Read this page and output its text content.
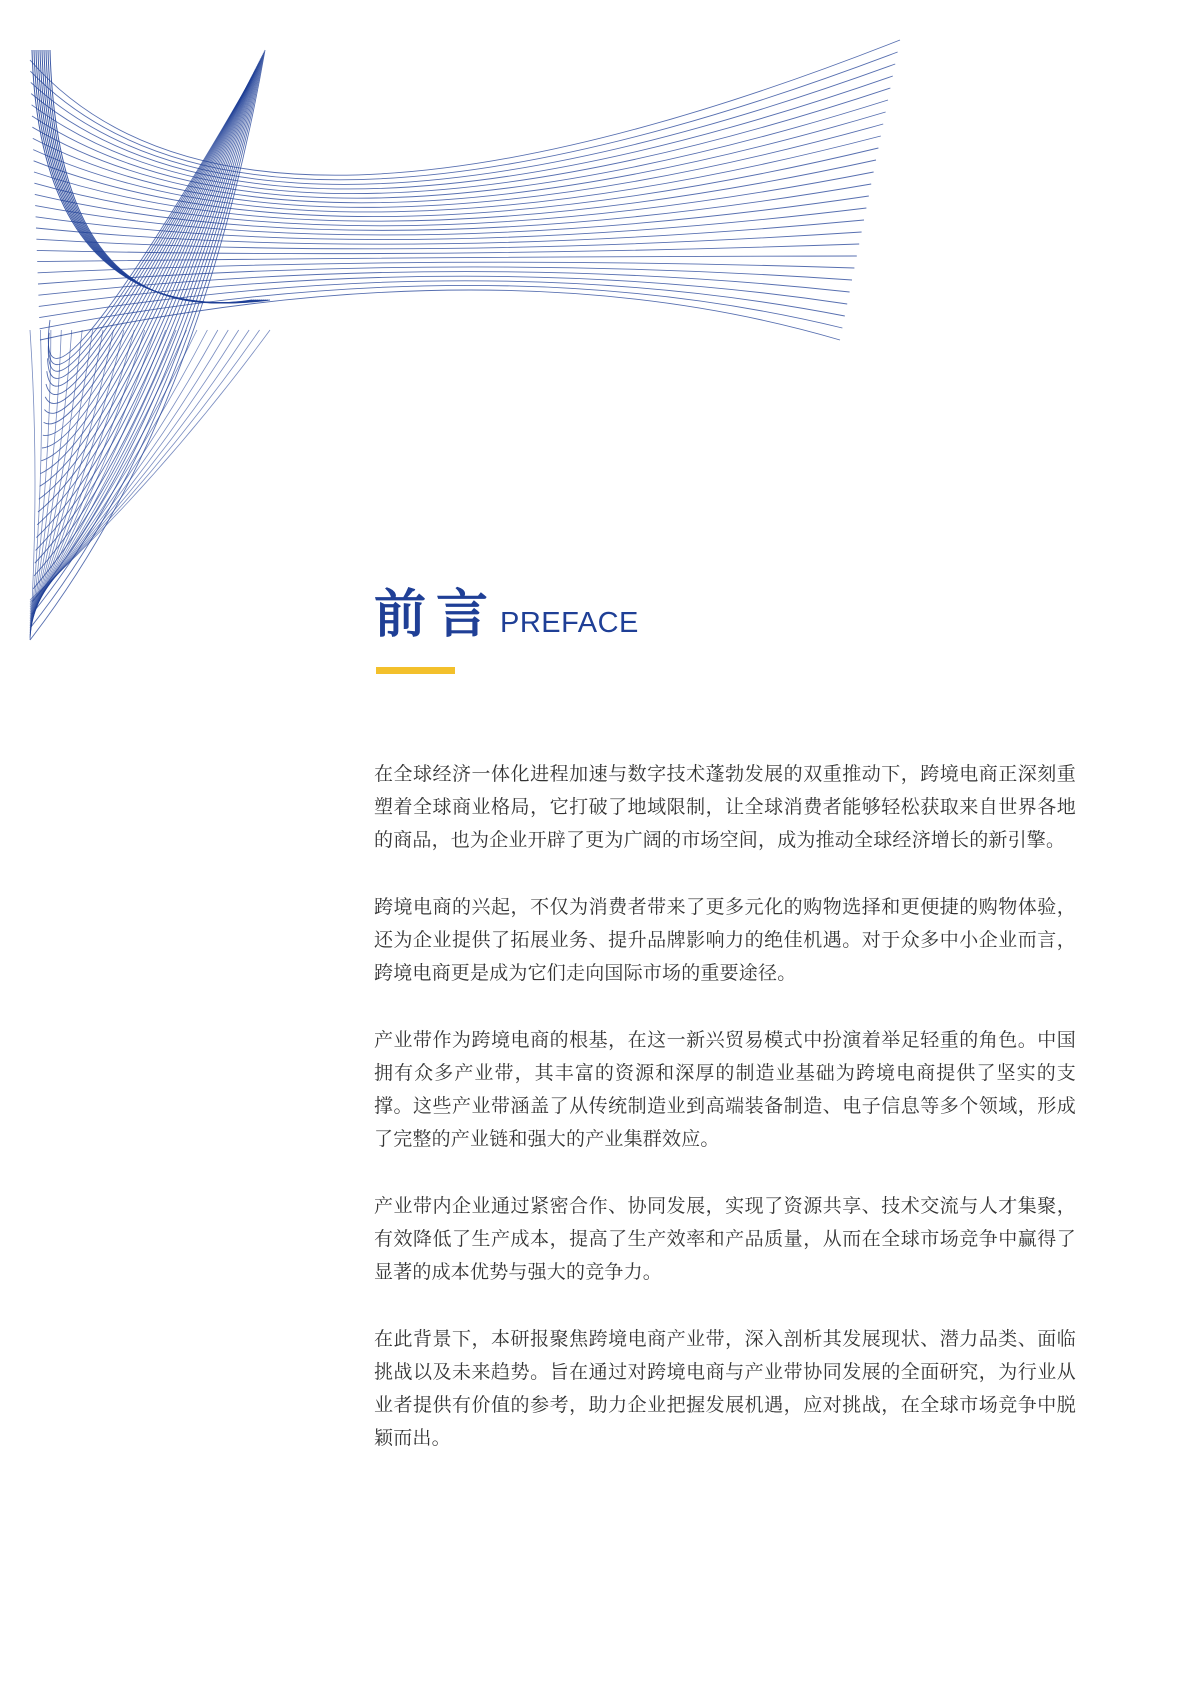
前言PREFACE

在全球经济一体化进程加速与数字技术蓬勃发展的双重推动下，跨境电商正深刻重塑着全球商业格局，它打破了地域限制，让全球消费者能够轻松获取来自世界各地的商品，也为企业开辟了更为广阔的市场空间，成为推动全球经济增长的新引擎。

跨境电商的兴起，不仅为消费者带来了更多元化的购物选择和更便捷的购物体验，还为企业提供了拓展业务、提升品牌影响力的绝佳机遇。对于众多中小企业而言，跨境电商更是成为它们走向国际市场的重要途径。

产业带作为跨境电商的根基，在这一新兴贸易模式中扮演着举足轻重的角色。中国拥有众多产业带，其丰富的资源和深厚的制造业基础为跨境电商提供了坚实的支撑。这些产业带涵盖了从传统制造业到高端装备制造、电子信息等多个领域，形成了完整的产业链和强大的产业集群效应。

产业带内企业通过紧密合作、协同发展，实现了资源共享、技术交流与人才集聚，有效降低了生产成本，提高了生产效率和产品质量，从而在全球市场竞争中赢得了显著的成本优势与强大的竞争力。

在此背景下，本研报聚焦跨境电商产业带，深入剖析其发展现状、潜力品类、面临挑战以及未来趋势。旨在通过对跨境电商与产业带协同发展的全面研究，为行业从业者提供有价值的参考，助力企业把握发展机遇，应对挑战，在全球市场竞争中脱颖而出。
